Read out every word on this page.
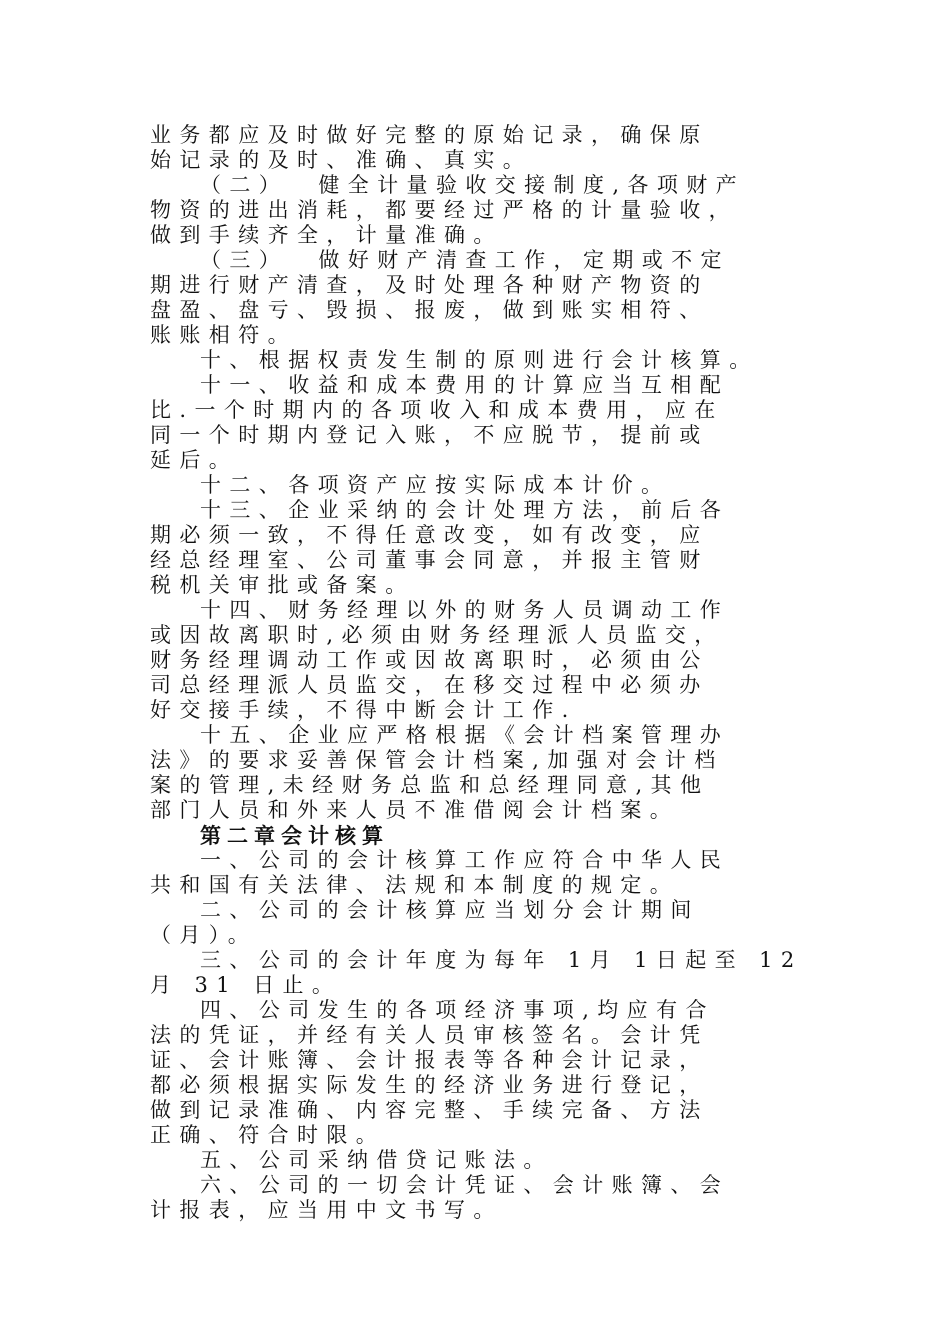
业务都应及时做好完整的原始记录，确保原

始记录的及时、准确、真实。

（二）  健全计量验收交接制度,各项财产

物资的进出消耗，都要经过严格的计量验收，

做到手续齐全，计量准确。

（三）  做好财产清查工作，定期或不定

期进行财产清查，及时处理各种财产物资的

盘盈、盘亏、毁损、报废，做到账实相符、

账账相符。

十、根据权责发生制的原则进行会计核算。

十一、收益和成本费用的计算应当互相配

比.一个时期内的各项收入和成本费用，应在

同一个时期内登记入账，不应脱节，提前或

延后。

十二、各项资产应按实际成本计价。

十三、企业采纳的会计处理方法，前后各

期必须一致，不得任意改变，如有改变，应

经总经理室、公司董事会同意，并报主管财

税机关审批或备案。

十四、财务经理以外的财务人员调动工作

或因故离职时,必须由财务经理派人员监交，

财务经理调动工作或因故离职时，必须由公

司总经理派人员监交，在移交过程中必须办

好交接手续，不得中断会计工作.

十五、企业应严格根据《会计档案管理办

法》的要求妥善保管会计档案,加强对会计档

案的管理,未经财务总监和总经理同意,其他

部门人员和外来人员不准借阅会计档案。

第二章会计核算

一、公司的会计核算工作应符合中华人民

共和国有关法律、法规和本制度的规定。

二、公司的会计核算应当划分会计期间

（月）。

三、公司的会计年度为每年 1月 1日起至 12

月 31 日止。

四、公司发生的各项经济事项,均应有合

法的凭证，并经有关人员审核签名。会计凭

证、会计账簿、会计报表等各种会计记录，

都必须根据实际发生的经济业务进行登记，

做到记录准确、内容完整、手续完备、方法

正确、符合时限。

五、公司采纳借贷记账法。

六、公司的一切会计凭证、会计账簿、会

计报表，应当用中文书写。
